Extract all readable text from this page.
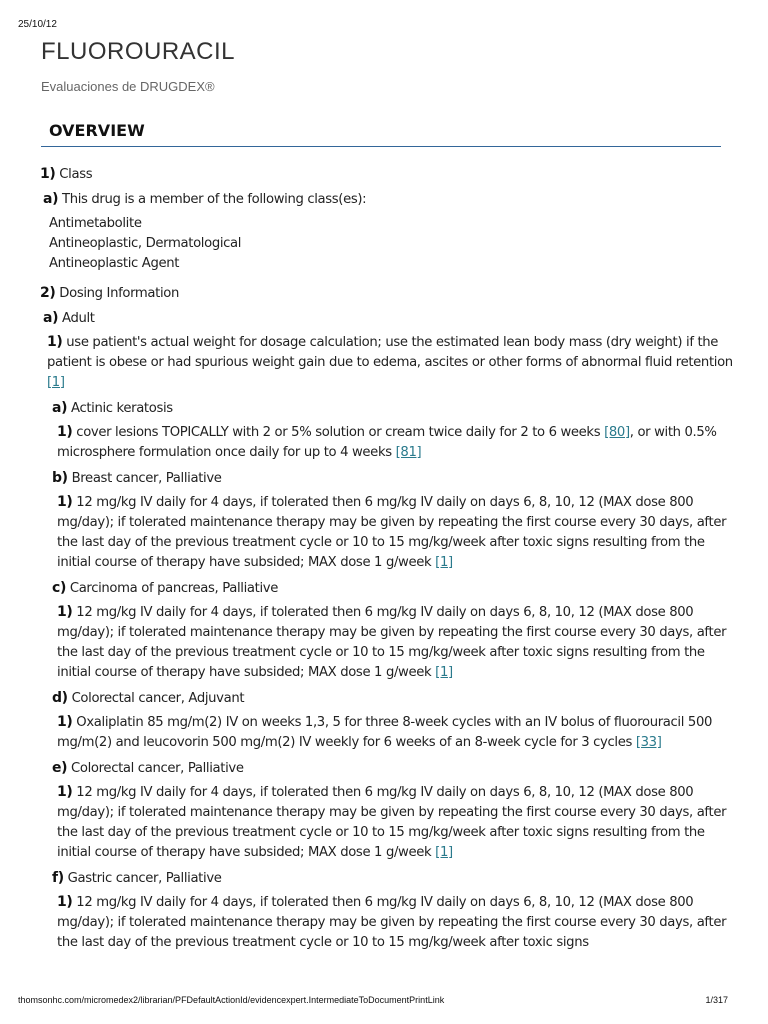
25/10/12
FLUOROURACIL
Evaluaciones de DRUGDEX®
OVERVIEW
1) Class
a) This drug is a member of the following class(es):
Antimetabolite
Antineoplastic, Dermatological
Antineoplastic Agent
2) Dosing Information
a) Adult
1) use patient's actual weight for dosage calculation; use the estimated lean body mass (dry weight) if the patient is obese or had spurious weight gain due to edema, ascites or other forms of abnormal fluid retention [1]
a) Actinic keratosis
1) cover lesions TOPICALLY with 2 or 5% solution or cream twice daily for 2 to 6 weeks [80], or with 0.5% microsphere formulation once daily for up to 4 weeks [81]
b) Breast cancer, Palliative
1) 12 mg/kg IV daily for 4 days, if tolerated then 6 mg/kg IV daily on days 6, 8, 10, 12 (MAX dose 800 mg/day); if tolerated maintenance therapy may be given by repeating the first course every 30 days, after the last day of the previous treatment cycle or 10 to 15 mg/kg/week after toxic signs resulting from the initial course of therapy have subsided; MAX dose 1 g/week [1]
c) Carcinoma of pancreas, Palliative
1) 12 mg/kg IV daily for 4 days, if tolerated then 6 mg/kg IV daily on days 6, 8, 10, 12 (MAX dose 800 mg/day); if tolerated maintenance therapy may be given by repeating the first course every 30 days, after the last day of the previous treatment cycle or 10 to 15 mg/kg/week after toxic signs resulting from the initial course of therapy have subsided; MAX dose 1 g/week [1]
d) Colorectal cancer, Adjuvant
1) Oxaliplatin 85 mg/m(2) IV on weeks 1,3, 5 for three 8-week cycles with an IV bolus of fluorouracil 500 mg/m(2) and leucovorin 500 mg/m(2) IV weekly for 6 weeks of an 8-week cycle for 3 cycles [33]
e) Colorectal cancer, Palliative
1) 12 mg/kg IV daily for 4 days, if tolerated then 6 mg/kg IV daily on days 6, 8, 10, 12 (MAX dose 800 mg/day); if tolerated maintenance therapy may be given by repeating the first course every 30 days, after the last day of the previous treatment cycle or 10 to 15 mg/kg/week after toxic signs resulting from the initial course of therapy have subsided; MAX dose 1 g/week [1]
f) Gastric cancer, Palliative
1) 12 mg/kg IV daily for 4 days, if tolerated then 6 mg/kg IV daily on days 6, 8, 10, 12 (MAX dose 800 mg/day); if tolerated maintenance therapy may be given by repeating the first course every 30 days, after the last day of the previous treatment cycle or 10 to 15 mg/kg/week after toxic signs
thomsonhc.com/micromedex2/librarian/PFDefaultActionId/evidencexpert.IntermediateToDocumentPrintLink	1/317
